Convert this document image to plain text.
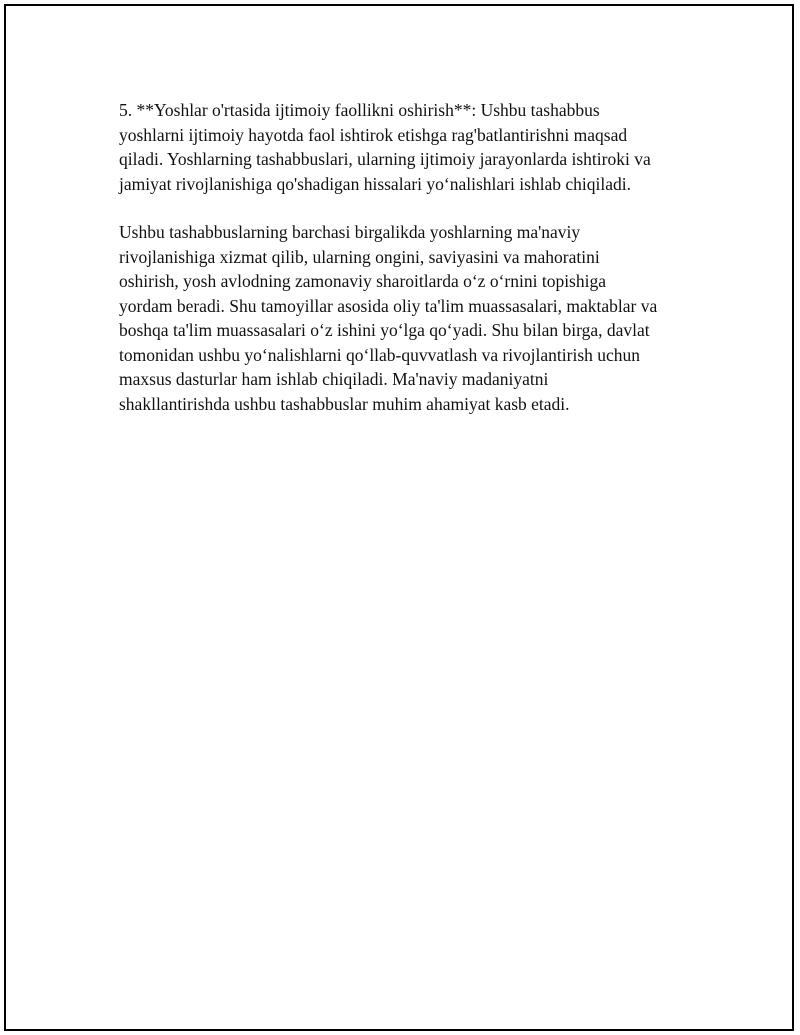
5. **Yoshlar o'rtasida ijtimoiy faollikni oshirish**: Ushbu tashabbus
yoshlarni ijtimoiy hayotda faol ishtirok etishga rag'batlantirishni maqsad
qiladi. Yoshlarning tashabbuslari, ularning ijtimoiy jarayonlarda ishtiroki va
jamiyat rivojlanishiga qo'shadigan hissalari yo‘nalishlari ishlab chiqiladi.

Ushbu tashabbuslarning barchasi birgalikda yoshlarning ma'naviy
rivojlanishiga xizmat qilib, ularning ongini, saviyasini va mahoratini
oshirish, yosh avlodning zamonaviy sharoitlarda o‘z o‘rnini topishiga
yordam beradi. Shu tamoyillar asosida oliy ta'lim muassasalari, maktablar va
boshqa ta'lim muassasalari o‘z ishini yo‘lga qo‘yadi. Shu bilan birga, davlat
tomonidan ushbu yo‘nalishlarni qo‘llab-quvvatlash va rivojlantirish uchun
maxsus dasturlar ham ishlab chiqiladi. Ma'naviy madaniyatni
shakllantirishda ushbu tashabbuslar muhim ahamiyat kasb etadi.
